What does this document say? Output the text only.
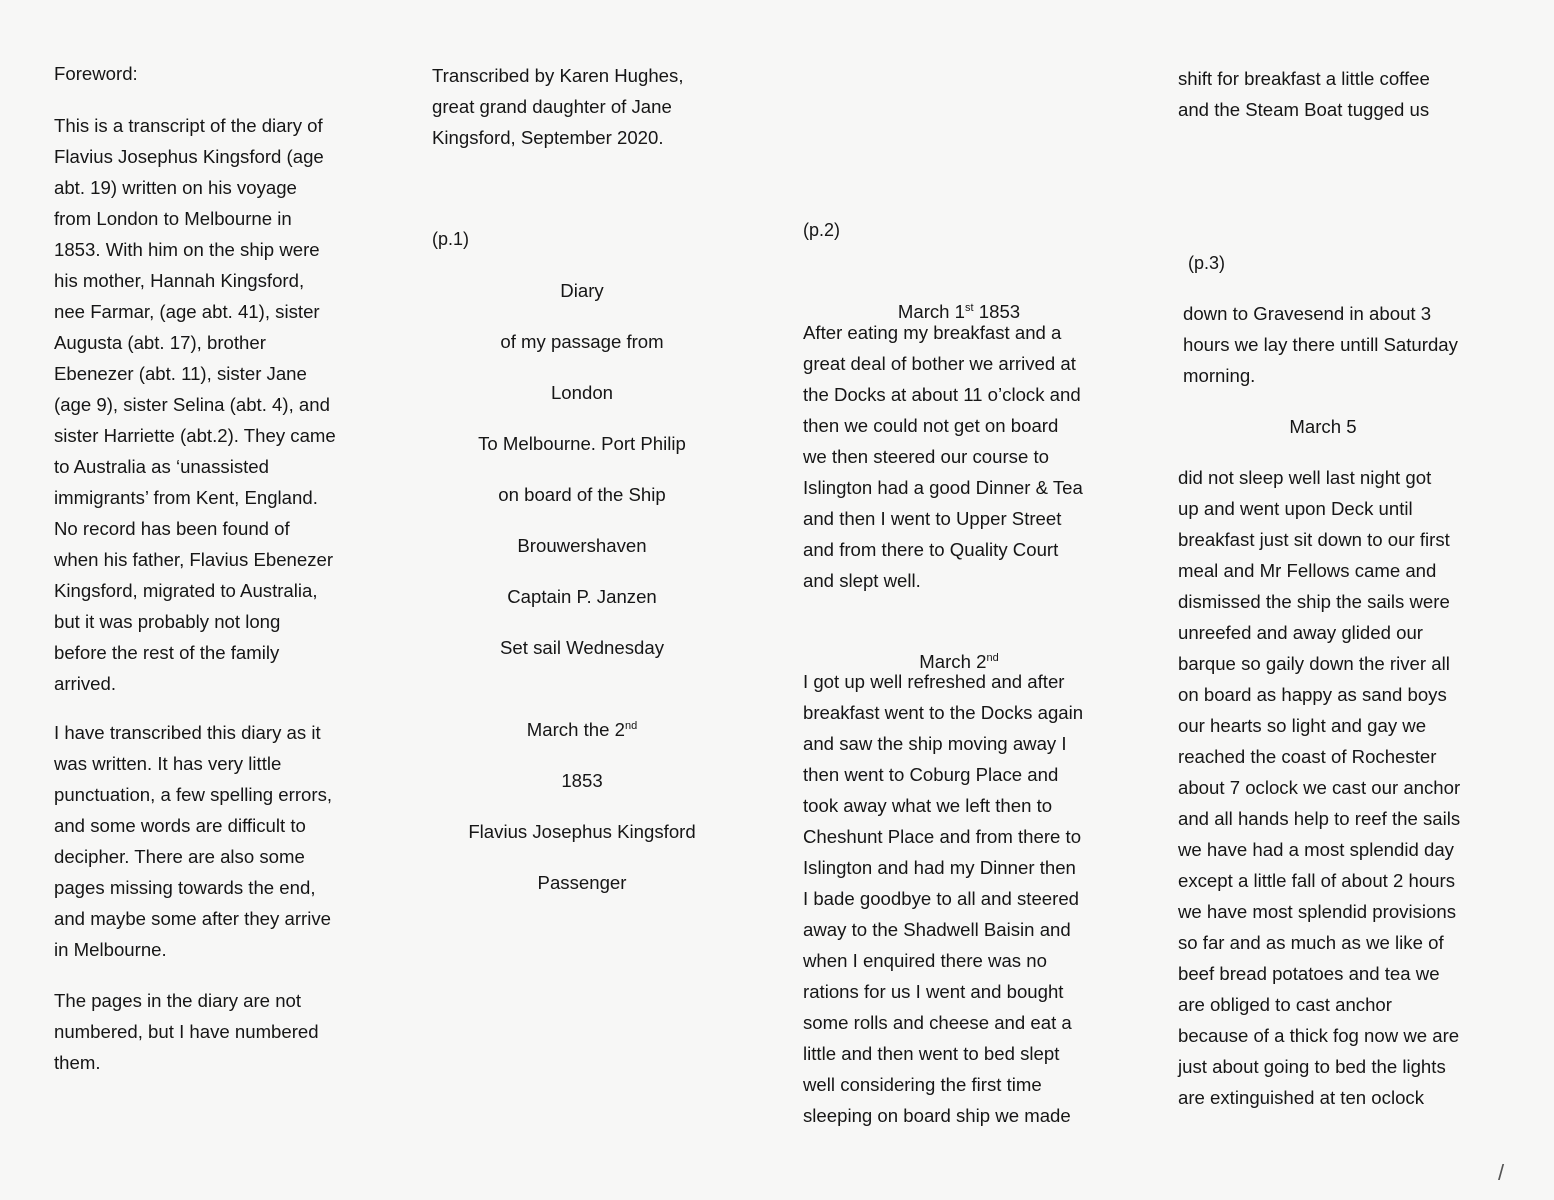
Foreword:

This is a transcript of the diary of
Flavius Josephus Kingsford (age
abt. 19) written on his voyage
from London to Melbourne in
1853. With him on the ship were
his mother, Hannah Kingsford,
nee Farmar, (age abt. 41), sister
Augusta (abt. 17), brother
Ebenezer (abt. 11), sister Jane
(age 9), sister Selina (abt. 4), and
sister Harriette (abt.2). They came
to Australia as ‘unassisted
immigrants’ from Kent, England.
No record has been found of
when his father, Flavius Ebenezer
Kingsford, migrated to Australia,
but it was probably not long
before the rest of the family
arrived.

I have transcribed this diary as it
was written. It has very little
punctuation, a few spelling errors,
and some words are difficult to
decipher. There are also some
pages missing towards the end,
and maybe some after they arrive
in Melbourne.

The pages in the diary are not
numbered, but I have numbered
them.

Transcribed by Karen Hughes,
great grand daughter of Jane
Kingsford, September 2020.

(p.1)

Diary

of my passage from

London

To Melbourne. Port Philip

on board of the Ship

Brouwershaven

Captain P. Janzen

Set sail Wednesday

March the 2nd

1853

Flavius Josephus Kingsford

Passenger

(p.2)

March 1st 1853

After eating my breakfast and a
great deal of bother we arrived at
the Docks at about 11 o’clock and
then we could not get on board
we then steered our course to
Islington had a good Dinner & Tea
and then I went to Upper Street
and from there to Quality Court
and slept well.

March 2nd

I got up well refreshed and after
breakfast went to the Docks again
and saw the ship moving away I
then went to Coburg Place and
took away what we left then to
Cheshunt Place and from there to
Islington and had my Dinner then
I bade goodbye to all and steered
away to the Shadwell Baisin and
when I enquired there was no
rations for us I went and bought
some rolls and cheese and eat a
little and then went to bed slept
well considering the first time
sleeping on board ship we made

shift for breakfast a little coffee
and the Steam Boat tugged us

(p.3)

down to Gravesend in about 3
hours we lay there untill Saturday
morning.

March 5

did not sleep well last night got
up and went upon Deck until
breakfast just sit down to our first
meal and Mr Fellows came and
dismissed the ship the sails were
unreefed and away glided our
barque so gaily down the river all
on board as happy as sand boys
our hearts so light and gay we
reached the coast of Rochester
about 7 oclock we cast our anchor
and all hands help to reef the sails
we have had a most splendid day
except a little fall of about 2 hours
we have most splendid provisions
so far and as much as we like of
beef bread potatoes and tea we
are obliged to cast anchor
because of a thick fog now we are
just about going to bed the lights
are extinguished at ten oclock

/
